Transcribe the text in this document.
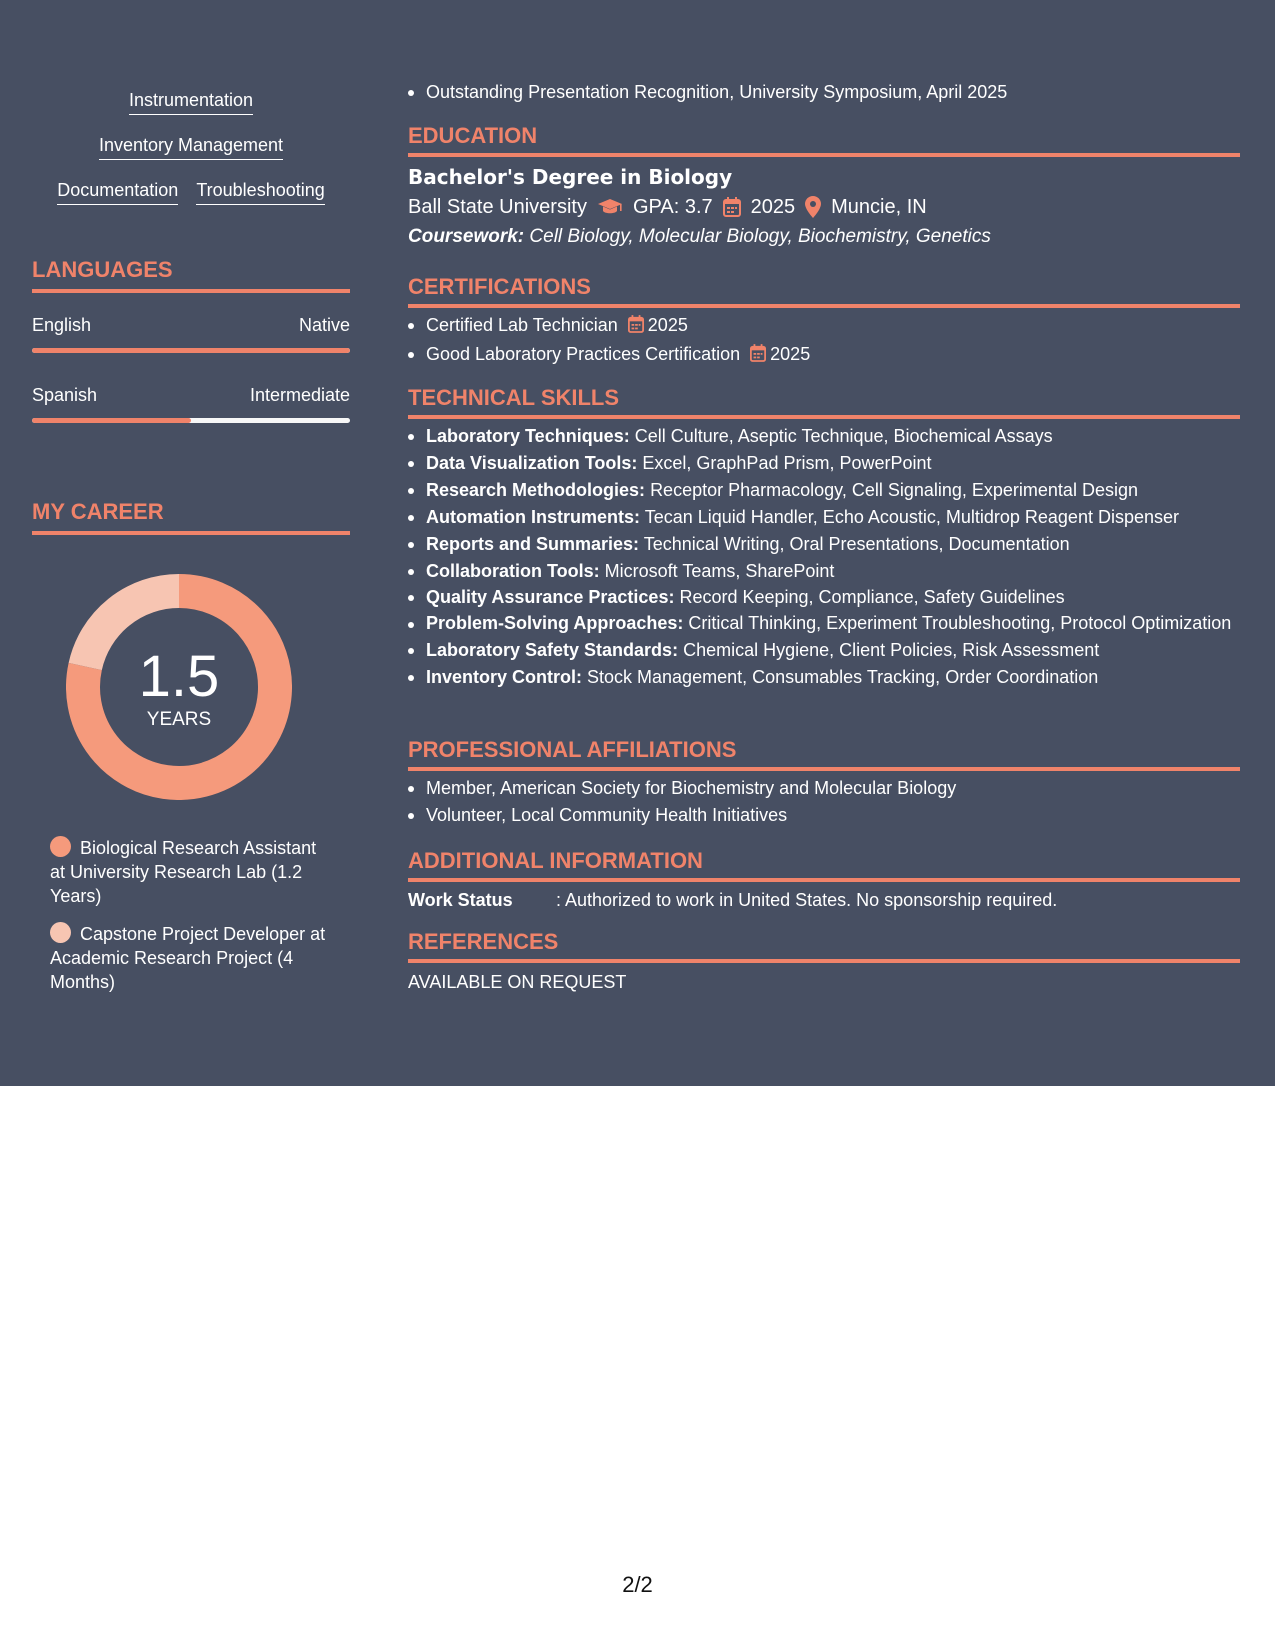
Instrumentation
Inventory Management
Documentation Troubleshooting
LANGUAGES
English	Native
Spanish	Intermediate
MY CAREER
1.5
YEARS
Biological Research Assistant at University Research Lab (1.2 Years)
Capstone Project Developer at Academic Research Project (4 Months)
Outstanding Presentation Recognition, University Symposium, April 2025
EDUCATION
Bachelor's Degree in Biology
Ball State University GPA: 3.7 2025 Muncie, IN
Coursework: Cell Biology, Molecular Biology, Biochemistry, Genetics
CERTIFICATIONS
Certified Lab Technician 2025
Good Laboratory Practices Certification 2025
TECHNICAL SKILLS
Laboratory Techniques: Cell Culture, Aseptic Technique, Biochemical Assays
Data Visualization Tools: Excel, GraphPad Prism, PowerPoint
Research Methodologies: Receptor Pharmacology, Cell Signaling, Experimental Design
Automation Instruments: Tecan Liquid Handler, Echo Acoustic, Multidrop Reagent Dispenser
Reports and Summaries: Technical Writing, Oral Presentations, Documentation
Collaboration Tools: Microsoft Teams, SharePoint
Quality Assurance Practices: Record Keeping, Compliance, Safety Guidelines
Problem-Solving Approaches: Critical Thinking, Experiment Troubleshooting, Protocol Optimization
Laboratory Safety Standards: Chemical Hygiene, Client Policies, Risk Assessment
Inventory Control: Stock Management, Consumables Tracking, Order Coordination
PROFESSIONAL AFFILIATIONS
Member, American Society for Biochemistry and Molecular Biology
Volunteer, Local Community Health Initiatives
ADDITIONAL INFORMATION
Work Status : Authorized to work in United States. No sponsorship required.
REFERENCES
AVAILABLE ON REQUEST
2/2
